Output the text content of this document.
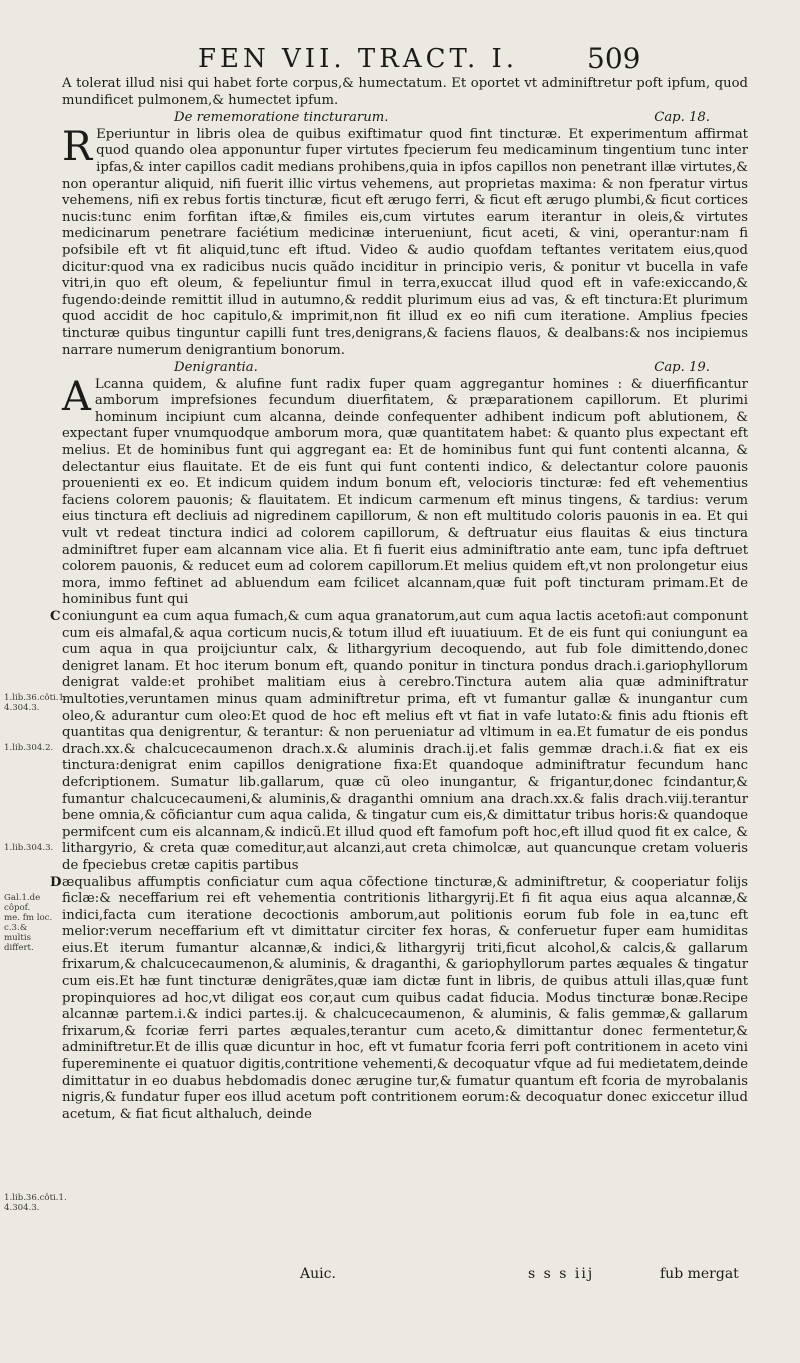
FEN VII. TRACT. I. 509
1.lib.36.côti.1.
4.304.3.
1.lib.304.2.
1.lib.304.3.
Gal.1.de côpof.
me. fm loc. c.3.&
multis differt.
1.lib.36.côti.1.
4.304.3.

A tolerat illud nisi qui habet forte corpus,& humectatum. Et oportet vt adminiftretur poft ipfum, quod mundificet pulmonem,& humectet ipfum.

De rememoratione tincturarum.	Cap. 18.

R Eperiuntur in libris olea de quibus exiftimatur quod fint tincturæ. Et experimentum affirmat quod quando olea apponuntur fuper virtutes fpecierum feu medicaminum tingentium tunc inter ipfas,& inter capillos cadit medians prohibens,quia in ipfos capillos non penetrant illæ virtutes,& non operantur aliquid, nifi fuerit illic virtus vehemens, aut proprietas maxima: & non fperatur virtus vehemens, nifi ex rebus fortis tincturæ, ficut eft ærugo ferri, & ficut eft ærugo plumbi,& ficut cortices nucis:tunc enim forfitan iftæ,& fimiles eis,cum virtutes earum iterantur in oleis,& virtutes medicinarum penetrare faciétium medicinæ interueniunt, ficut aceti, & vini, operantur:nam fi pofsibile eft vt fit aliquid,tunc eft iftud. Video & audio quofdam teftantes veritatem eius,quod dicitur:quod vna ex radicibus nucis quãdo inciditur in principio veris, & ponitur vt bucella in vafe vitri,in quo eft oleum, & fepeliuntur fimul in terra,exuccat illud quod eft in vafe:exiccando,& fugendo:deinde remittit illud in autumno,& reddit plurimum eius ad vas, & eft tinctura:Et plurimum quod accidit de hoc capitulo,& imprimit,non fit illud ex eo nifi cum iteratione. Amplius fpecies tincturæ quibus tinguntur capilli funt tres,denigrans,& faciens flauos, & dealbans:& nos incipiemus narrare numerum denigrantium bonorum.

Denigrantia.	Cap. 19.

A Lcanna quidem, & alufine funt radix fuper quam aggregantur homines : & diuerfificantur amborum imprefsiones fecundum diuerfitatem, & præparationem capillorum. Et plurimi hominum incipiunt cum alcanna, deinde confequenter adhibent indicum poft ablutionem, & expectant fuper vnumquodque amborum mora, quæ quantitatem habet: & quanto plus expectant eft melius. Et de hominibus funt qui aggregant ea: Et de hominibus funt qui funt contenti alcanna, & delectantur eius flauitate. Et de eis funt qui funt contenti indico, & delectantur colore pauonis prouenienti ex eo. Et indicum quidem indum bonum eft, velocioris tincturæ: fed eft vehementius faciens colorem pauonis; & flauitatem. Et indicum carmenum eft minus tingens, & tardius: verum eius tinctura eft decliuis ad nigredinem capillorum, & non eft multitudo coloris pauonis in ea. Et qui vult vt redeat tinctura indici ad colorem capillorum, & deftruatur eius flauitas & eius tinctura adminiftret fuper eam alcannam vice alia. Et fi fuerit eius adminiftratio ante eam, tunc ipfa deftruet colorem pauonis, & reducet eum ad colorem capillorum.Et melius quidem eft,vt non prolongetur eius mora, immo feftinet ad abluendum eam fcilicet alcannam,quæ fuit poft tincturam primam.Et de hominibus funt qui

C coniungunt ea cum aqua fumach,& cum aqua granatorum,aut cum aqua lactis acetofi:aut componunt cum eis almafal,& aqua corticum nucis,& totum illud eft iuuatiuum. Et de eis funt qui coniungunt ea cum aqua in qua proijciuntur calx, & lithargyrium decoquendo, aut fub fole dimittendo,donec denigret lanam. Et hoc iterum bonum eft, quando ponitur in tinctura pondus drach.i.gariophyllorum denigrat valde:et prohibet malitiam eius à cerebro.Tinctura autem alia quæ adminiftratur multoties,veruntamen minus quam adminiftretur prima, eft vt fumantur gallæ & inungantur cum oleo,& adurantur cum oleo:Et quod de hoc eft melius eft vt fiat in vafe lutato:& finis adu ftionis eft quantitas qua denigrentur, & terantur: & non perueniatur ad vltimum in ea.Et fumatur de eis pondus drach.xx.& chalcucecaumenon drach.x.& aluminis drach.ij.et falis gemmæ drach.i.& fiat ex eis tinctura:denigrat enim capillos denigratione fixa:Et quandoque adminiftratur fecundum hanc defcriptionem. Sumatur lib.gallarum, quæ cũ oleo inungantur, & frigantur,donec fcindantur,& fumantur chalcucecaumeni,& aluminis,& draganthi omnium ana drach.xx.& falis drach.viij.terantur bene omnia,& cõficiantur cum aqua calida, & tingatur cum eis,& dimittatur tribus horis:& quandoque permifcent cum eis alcannam,& indicũ.Et illud quod eft famofum poft hoc,eft illud quod fit ex calce, & lithargyrio, & creta quæ comeditur,aut alcanzi,aut creta chimolcæ, aut quancunque cretam volueris de fpeciebus cretæ capitis partibus

Dæqualibus affumptis conficiatur cum aqua cõfectione tincturæ,& adminiftretur, & cooperiatur folijs ficlæ:& neceffarium rei eft vehementia contritionis lithargyrij.Et fi fit aqua eius aqua alcannæ,& indici,facta cum iteratione decoctionis amborum,aut politionis eorum fub fole in ea,tunc eft melior:verum neceffarium eft vt dimittatur circiter fex horas, & conferuetur fuper eam humiditas eius.Et iterum fumantur alcannæ,& indici,& lithargyrij triti,ficut alcohol,& calcis,& gallarum frixarum,& chalcucecaumenon,& aluminis, & draganthi, & gariophyllorum partes æquales & tingatur cum eis.Et hæ funt tincturæ denigrãtes,quæ iam dictæ funt in libris, de quibus attuli illas,quæ funt propinquiores ad hoc,vt diligat eos cor,aut cum quibus cadat fiducia. Modus tincturæ bonæ.Recipe alcannæ partem.i.& indici partes.ij. & chalcucecaumenon, & aluminis, & falis gemmæ,& gallarum frixarum,& fcoriæ ferri partes æquales,terantur cum aceto,& dimittantur donec fermentetur,& adminiftretur.Et de illis quæ dicuntur in hoc, eft vt fumatur fcoria ferri poft contritionem in aceto vini fupereminente ei quatuor digitis,contritione vehementi,& decoquatur vfque ad fui medietatem,deinde dimittatur in eo duabus hebdomadis donec ærugine tur,& fumatur quantum eft fcoria de myrobalanis nigris,& fundatur fuper eos illud acetum poft contritionem eorum:& decoquatur donec exiccetur illud acetum, & fiat ficut althaluch, deinde

Auic.	s s s iij	fub mergat
